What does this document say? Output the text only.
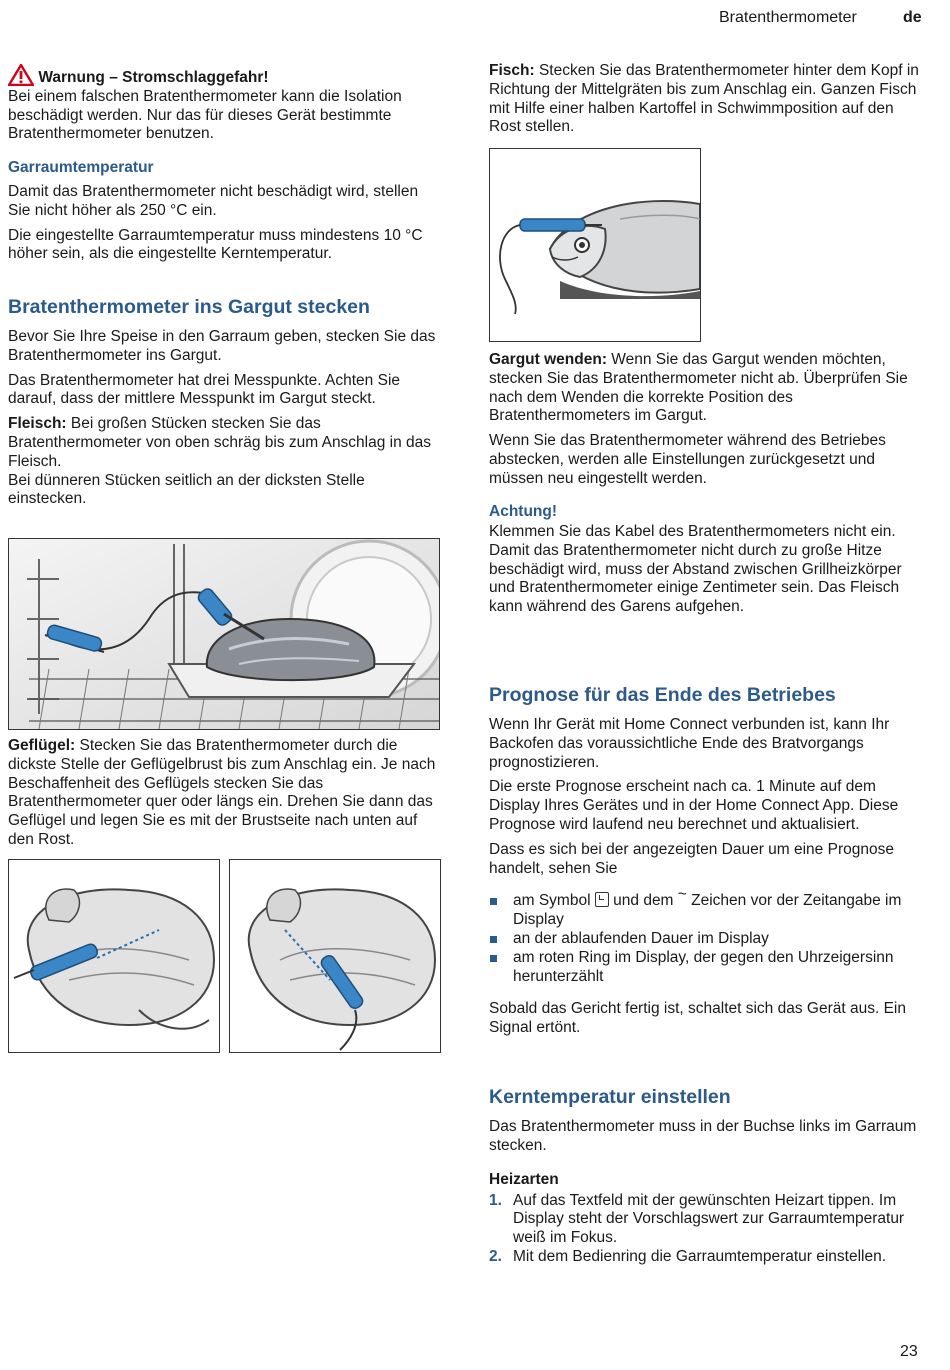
Bratenthermometer	de

Warnung – Stromschlaggefahr!

Bei einem falschen Bratenthermometer kann die Isolation beschädigt werden. Nur das für dieses Gerät bestimmte Bratenthermometer benutzen.

Garraumtemperatur

Damit das Bratenthermometer nicht beschädigt wird, stellen Sie nicht höher als 250 °C ein.

Die eingestellte Garraumtemperatur muss mindestens 10 °C höher sein, als die eingestellte Kerntemperatur.

Bratenthermometer ins Gargut stecken

Bevor Sie Ihre Speise in den Garraum geben, stecken Sie das Bratenthermometer ins Gargut.

Das Bratenthermometer hat drei Messpunkte. Achten Sie darauf, dass der mittlere Messpunkt im Gargut steckt.

Fleisch: Bei großen Stücken stecken Sie das Bratenthermometer von oben schräg bis zum Anschlag in das Fleisch.

Bei dünneren Stücken seitlich an der dicksten Stelle einstecken.

Geflügel: Stecken Sie das Bratenthermometer durch die dickste Stelle der Geflügelbrust bis zum Anschlag ein. Je nach Beschaffenheit des Geflügels stecken Sie das Bratenthermometer quer oder längs ein. Drehen Sie dann das Geflügel und legen Sie es mit der Brustseite nach unten auf den Rost.

Fisch: Stecken Sie das Bratenthermometer hinter dem Kopf in Richtung der Mittelgräten bis zum Anschlag ein. Ganzen Fisch mit Hilfe einer halben Kartoffel in Schwimmposition auf den Rost stellen.

Gargut wenden: Wenn Sie das Gargut wenden möchten, stecken Sie das Bratenthermometer nicht ab. Überprüfen Sie nach dem Wenden die korrekte Position des Bratenthermometers im Gargut.

Wenn Sie das Bratenthermometer während des Betriebes abstecken, werden alle Einstellungen zurückgesetzt und müssen neu eingestellt werden.

Achtung!

Klemmen Sie das Kabel des Bratenthermometers nicht ein.

Damit das Bratenthermometer nicht durch zu große Hitze beschädigt wird, muss der Abstand zwischen Grillheizkörper und Bratenthermometer einige Zentimeter sein. Das Fleisch kann während des Garens aufgehen.

Prognose für das Ende des Betriebes

Wenn Ihr Gerät mit Home Connect verbunden ist, kann Ihr Backofen das voraussichtliche Ende des Bratvorgangs prognostizieren.

Die erste Prognose erscheint nach ca. 1 Minute auf dem Display Ihres Gerätes und in der Home Connect App. Diese Prognose wird laufend neu berechnet und aktualisiert.

Dass es sich bei der angezeigten Dauer um eine Prognose handelt, sehen Sie

am Symbol  und dem ~ Zeichen vor der Zeitangabe im Display
an der ablaufenden Dauer im Display
am roten Ring im Display, der gegen den Uhrzeigersinn herunterzählt

Sobald das Gericht fertig ist, schaltet sich das Gerät aus. Ein Signal ertönt.

Kerntemperatur einstellen

Das Bratenthermometer muss in der Buchse links im Garraum stecken.

Heizarten
1. Auf das Textfeld mit der gewünschten Heizart tippen. Im Display steht der Vorschlagswert zur Garraumtemperatur weiß im Fokus.
2. Mit dem Bedienring die Garraumtemperatur einstellen.
23
